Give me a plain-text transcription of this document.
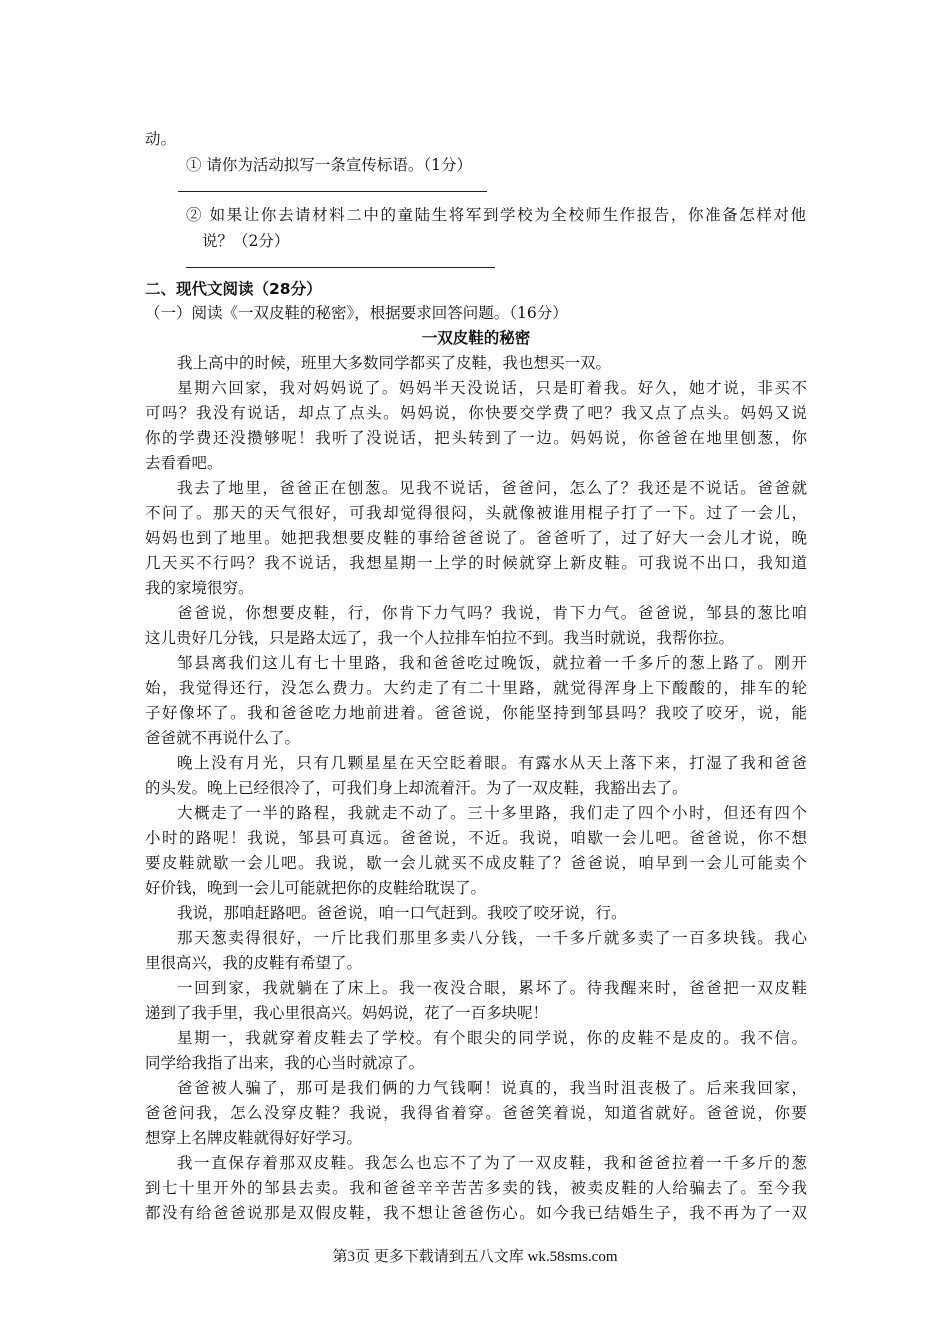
动。
① 请你为活动拟写一条宣传标语。（1分）
② 如果让你去请材料二中的童陆生将军到学校为全校师生作报告，你准备怎样对他
说？（2分）
二、现代文阅读（28分）
（一）阅读《一双皮鞋的秘密》，根据要求回答问题。（16分）
一双皮鞋的秘密
我上高中的时候，班里大多数同学都买了皮鞋，我也想买一双。
星期六回家，我对妈妈说了。妈妈半天没说话，只是盯着我。好久，她才说，非买不
可吗？我没有说话，却点了点头。妈妈说，你快要交学费了吧？我又点了点头。妈妈又说
你的学费还没攒够呢！我听了没说话，把头转到了一边。妈妈说，你爸爸在地里刨葱，你
去看看吧。
我去了地里，爸爸正在刨葱。见我不说话，爸爸问，怎么了？我还是不说话。爸爸就
不问了。那天的天气很好，可我却觉得很闷，头就像被谁用棍子打了一下。过了一会儿，
妈妈也到了地里。她把我想要皮鞋的事给爸爸说了。爸爸听了，过了好大一会儿才说，晚
几天买不行吗？我不说话，我想星期一上学的时候就穿上新皮鞋。可我说不出口，我知道
我的家境很穷。
爸爸说，你想要皮鞋，行，你肯下力气吗？我说，肯下力气。爸爸说，邹县的葱比咱
这儿贵好几分钱，只是路太远了，我一个人拉排车怕拉不到。我当时就说，我帮你拉。
邹县离我们这儿有七十里路，我和爸爸吃过晚饭，就拉着一千多斤的葱上路了。刚开
始，我觉得还行，没怎么费力。大约走了有二十里路，就觉得浑身上下酸酸的，排车的轮
子好像坏了。我和爸爸吃力地前进着。爸爸说，你能坚持到邹县吗？我咬了咬牙，说，能
爸爸就不再说什么了。
晚上没有月光，只有几颗星星在天空眨着眼。有露水从天上落下来，打湿了我和爸爸
的头发。晚上已经很冷了，可我们身上却流着汗。为了一双皮鞋，我豁出去了。
大概走了一半的路程，我就走不动了。三十多里路，我们走了四个小时，但还有四个
小时的路呢！我说，邹县可真远。爸爸说，不近。我说，咱歇一会儿吧。爸爸说，你不想
要皮鞋就歇一会儿吧。我说，歇一会儿就买不成皮鞋了？爸爸说，咱早到一会儿可能卖个
好价钱，晚到一会儿可能就把你的皮鞋给耽误了。
我说，那咱赶路吧。爸爸说，咱一口气赶到。我咬了咬牙说，行。
那天葱卖得很好，一斤比我们那里多卖八分钱，一千多斤就多卖了一百多块钱。我心
里很高兴，我的皮鞋有希望了。
一回到家，我就躺在了床上。我一夜没合眼，累坏了。待我醒来时，爸爸把一双皮鞋
递到了我手里，我心里很高兴。妈妈说，花了一百多块呢！
星期一，我就穿着皮鞋去了学校。有个眼尖的同学说，你的皮鞋不是皮的。我不信。
同学给我指了出来，我的心当时就凉了。
爸爸被人骗了，那可是我们俩的力气钱啊！说真的，我当时沮丧极了。后来我回家，
爸爸问我，怎么没穿皮鞋？我说，我得省着穿。爸爸笑着说，知道省就好。爸爸说，你要
想穿上名牌皮鞋就得好好学习。
我一直保存着那双皮鞋。我怎么也忘不了为了一双皮鞋，我和爸爸拉着一千多斤的葱
到七十里开外的邹县去卖。我和爸爸辛辛苦苦多卖的钱，被卖皮鞋的人给骗去了。至今我
都没有给爸爸说那是双假皮鞋，我不想让爸爸伤心。如今我已结婚生子，我不再为了一双
第3页 更多下载请到五八文库 wk.58sms.com
